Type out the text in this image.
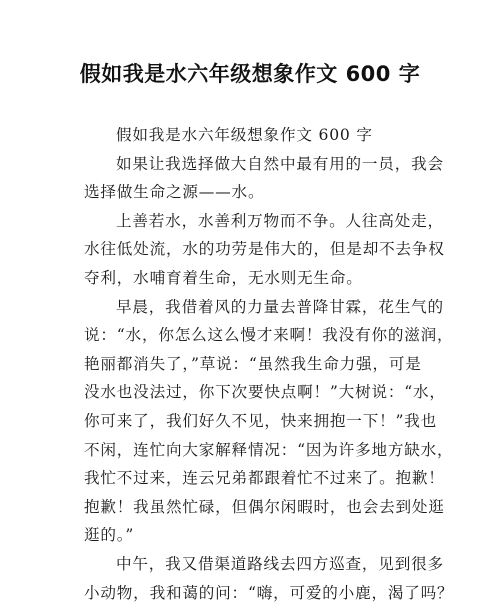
假如我是水六年级想象作文 600 字
假如我是水六年级想象作文 600 字
如果让我选择做大自然中最有用的一员，我会
选择做生命之源——水。
上善若水，水善利万物而不争。人往高处走，
水往低处流，水的功劳是伟大的，但是却不去争权
夺利，水哺育着生命，无水则无生命。
早晨，我借着风的力量去普降甘霖，花生气的
说：“水，你怎么这么慢才来啊！我没有你的滋润，
艳丽都消失了，”草说：“虽然我生命力强，可是
没水也没法过，你下次要快点啊！”大树说：“水，
你可来了，我们好久不见，快来拥抱一下！”我也
不闲，连忙向大家解释情况：“因为许多地方缺水，
我忙不过来，连云兄弟都跟着忙不过来了。抱歉！
抱歉！我虽然忙碌，但偶尔闲暇时，也会去到处逛
逛的。”
中午，我又借渠道路线去四方巡查，见到很多
小动物，我和蔼的问：“嗨，可爱的小鹿，渴了吗？
